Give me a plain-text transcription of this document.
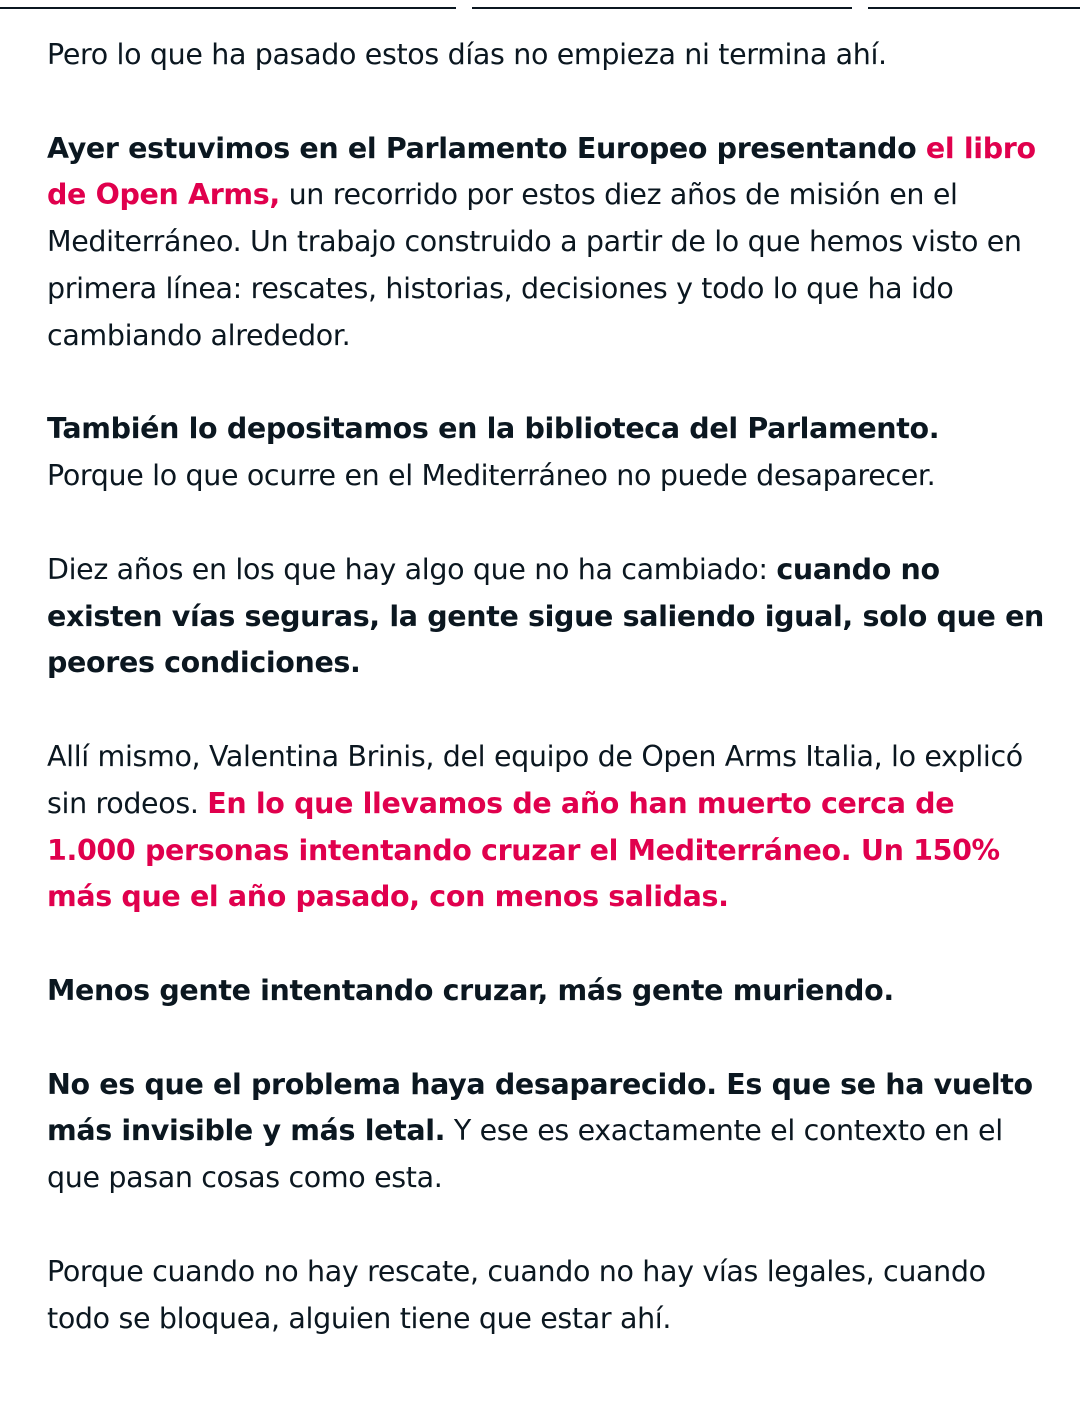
Pero lo que ha pasado estos días no empieza ni termina ahí.

Ayer estuvimos en el Parlamento Europeo presentando el libro de Open Arms, un recorrido por estos diez años de misión en el Mediterráneo. Un trabajo construido a partir de lo que hemos visto en primera línea: rescates, historias, decisiones y todo lo que ha ido cambiando alrededor.

También lo depositamos en la biblioteca del Parlamento.
Porque lo que ocurre en el Mediterráneo no puede desaparecer.

Diez años en los que hay algo que no ha cambiado: cuando no existen vías seguras, la gente sigue saliendo igual, solo que en peores condiciones.

Allí mismo, Valentina Brinis, del equipo de Open Arms Italia, lo explicó sin rodeos. En lo que llevamos de año han muerto cerca de 1.000 personas intentando cruzar el Mediterráneo. Un 150% más que el año pasado, con menos salidas.

Menos gente intentando cruzar, más gente muriendo.

No es que el problema haya desaparecido. Es que se ha vuelto más invisible y más letal. Y ese es exactamente el contexto en el que pasan cosas como esta.

Porque cuando no hay rescate, cuando no hay vías legales, cuando todo se bloquea, alguien tiene que estar ahí.
